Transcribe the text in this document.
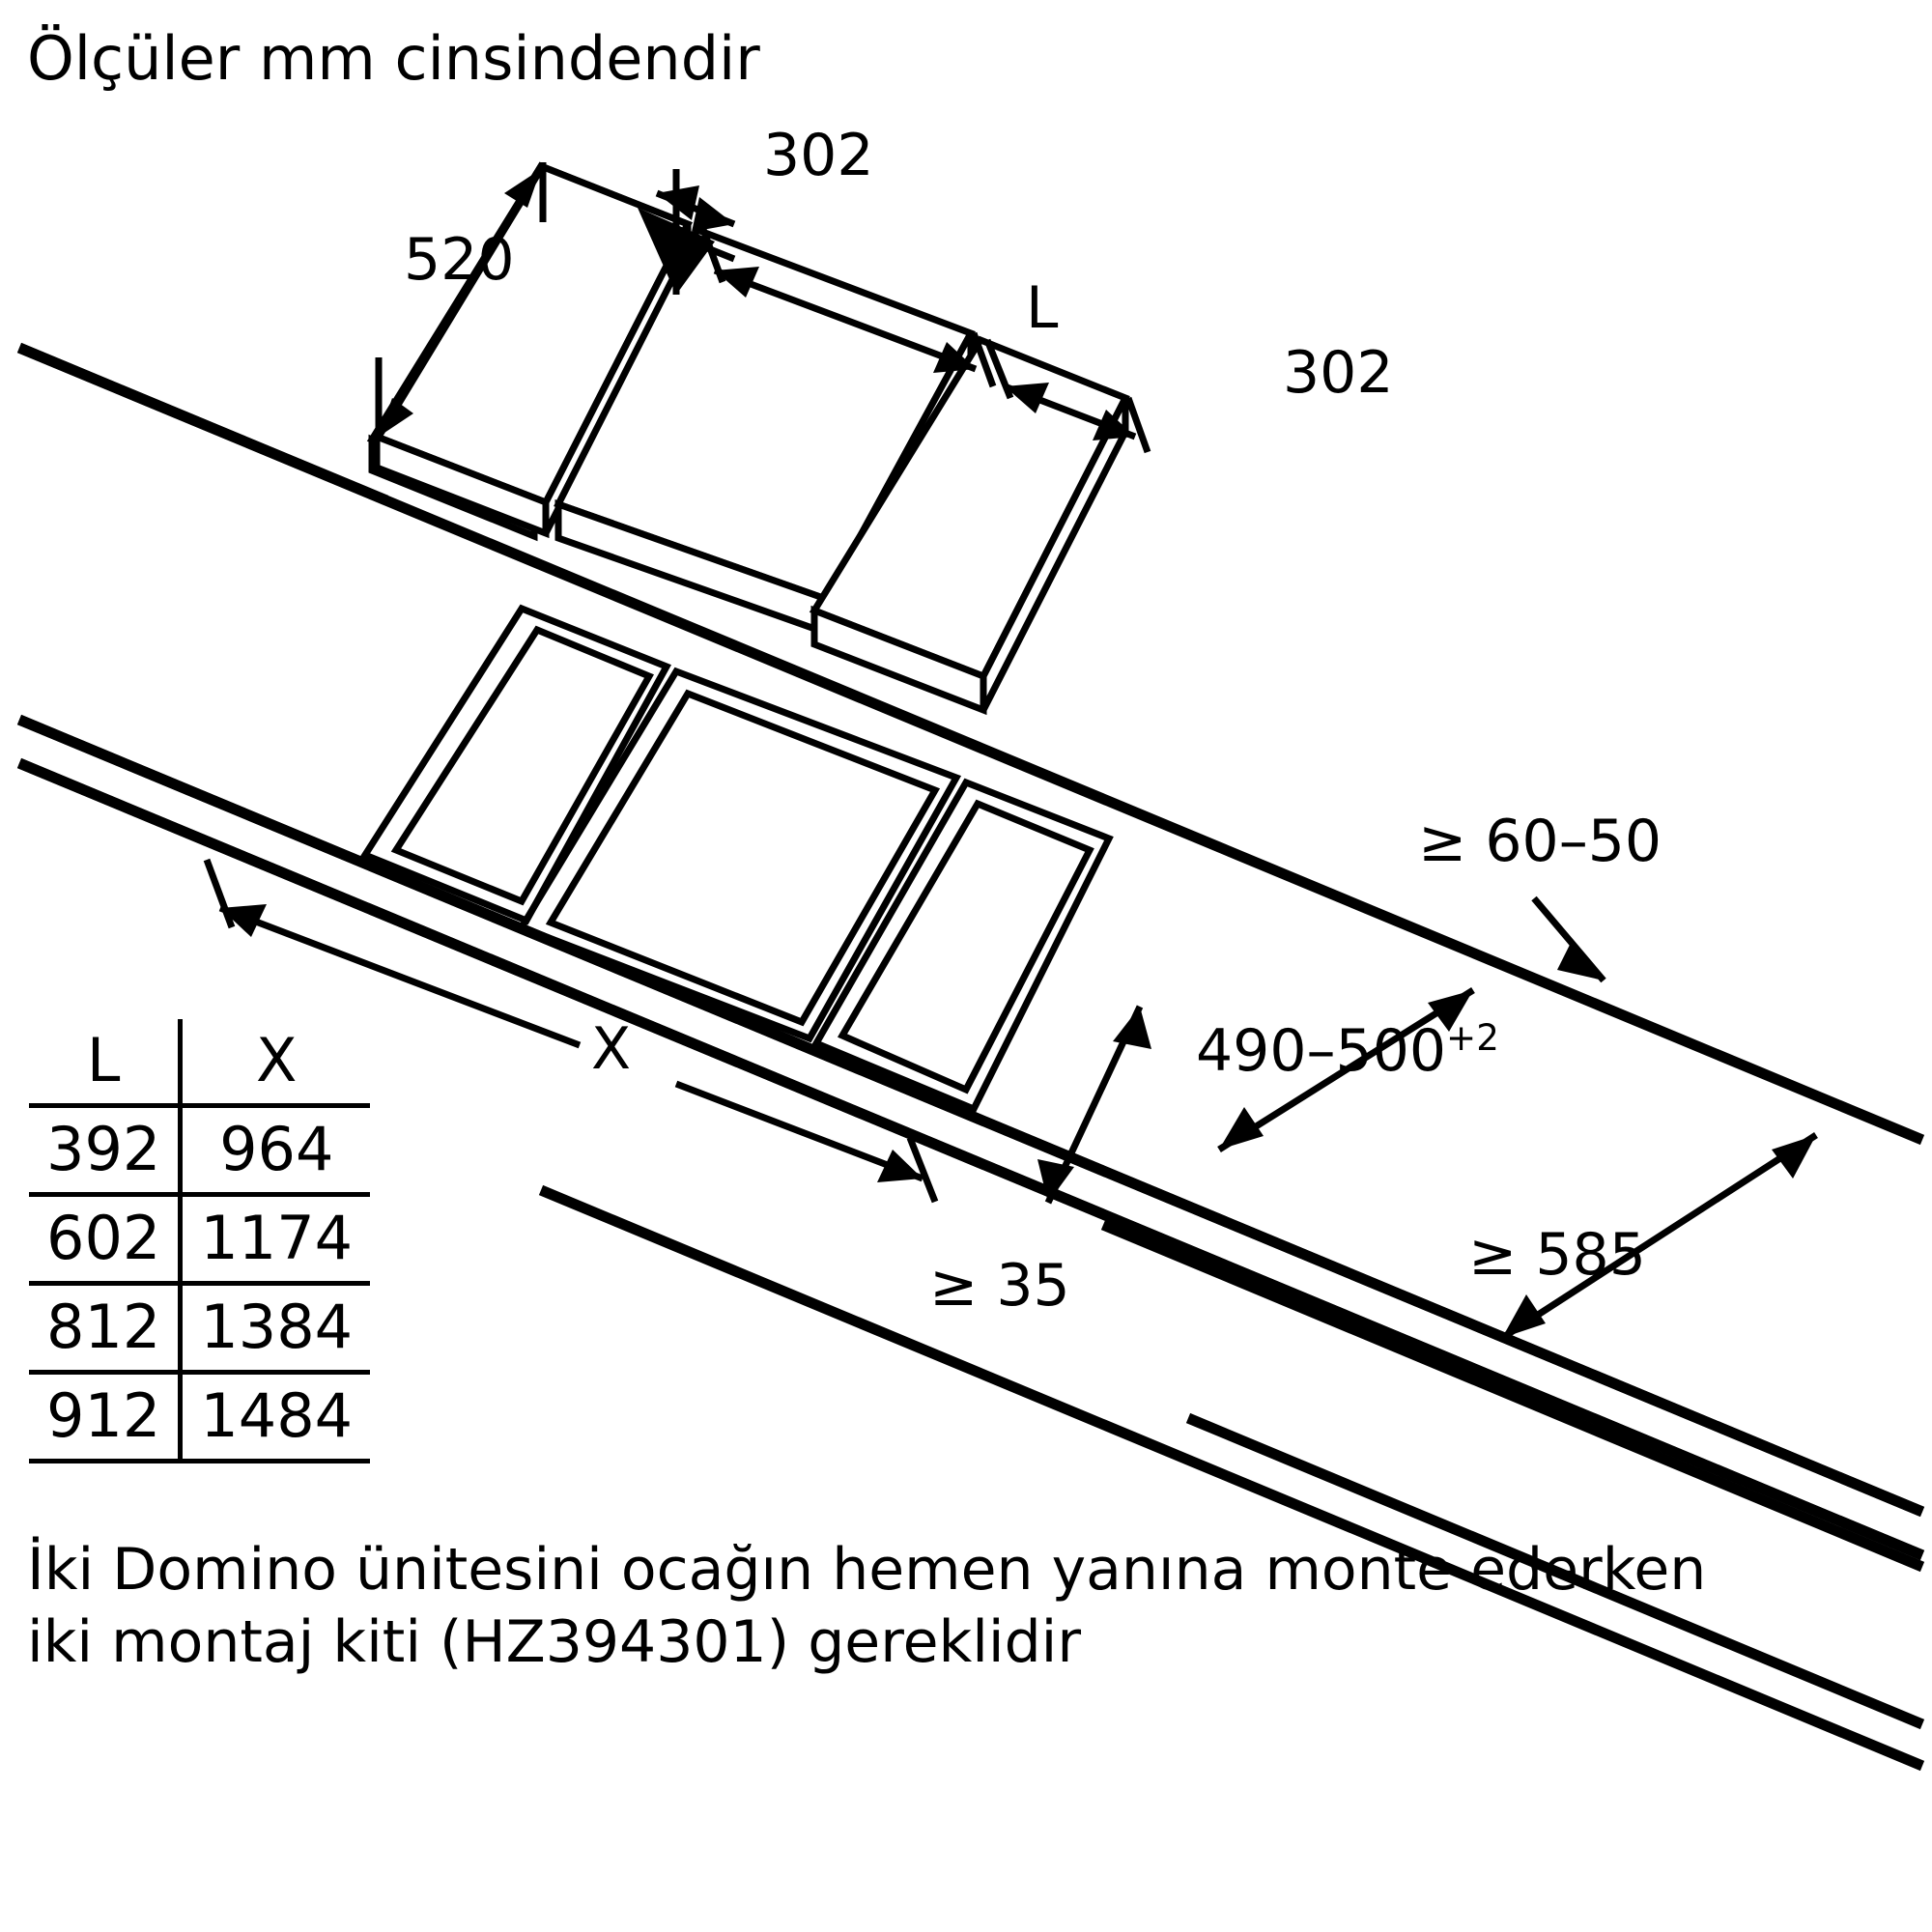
Ölçüler mm cinsindendir
302
520
L
302
X
≥ 60–50
$490-500^{+2}$
≥ 585
≥ 35
L	X
392	964
602	1174
812	1384
912	1484
İki Domino ünitesini ocağın hemen yanına monte ederken iki montaj kiti (HZ394301) gereklidir
